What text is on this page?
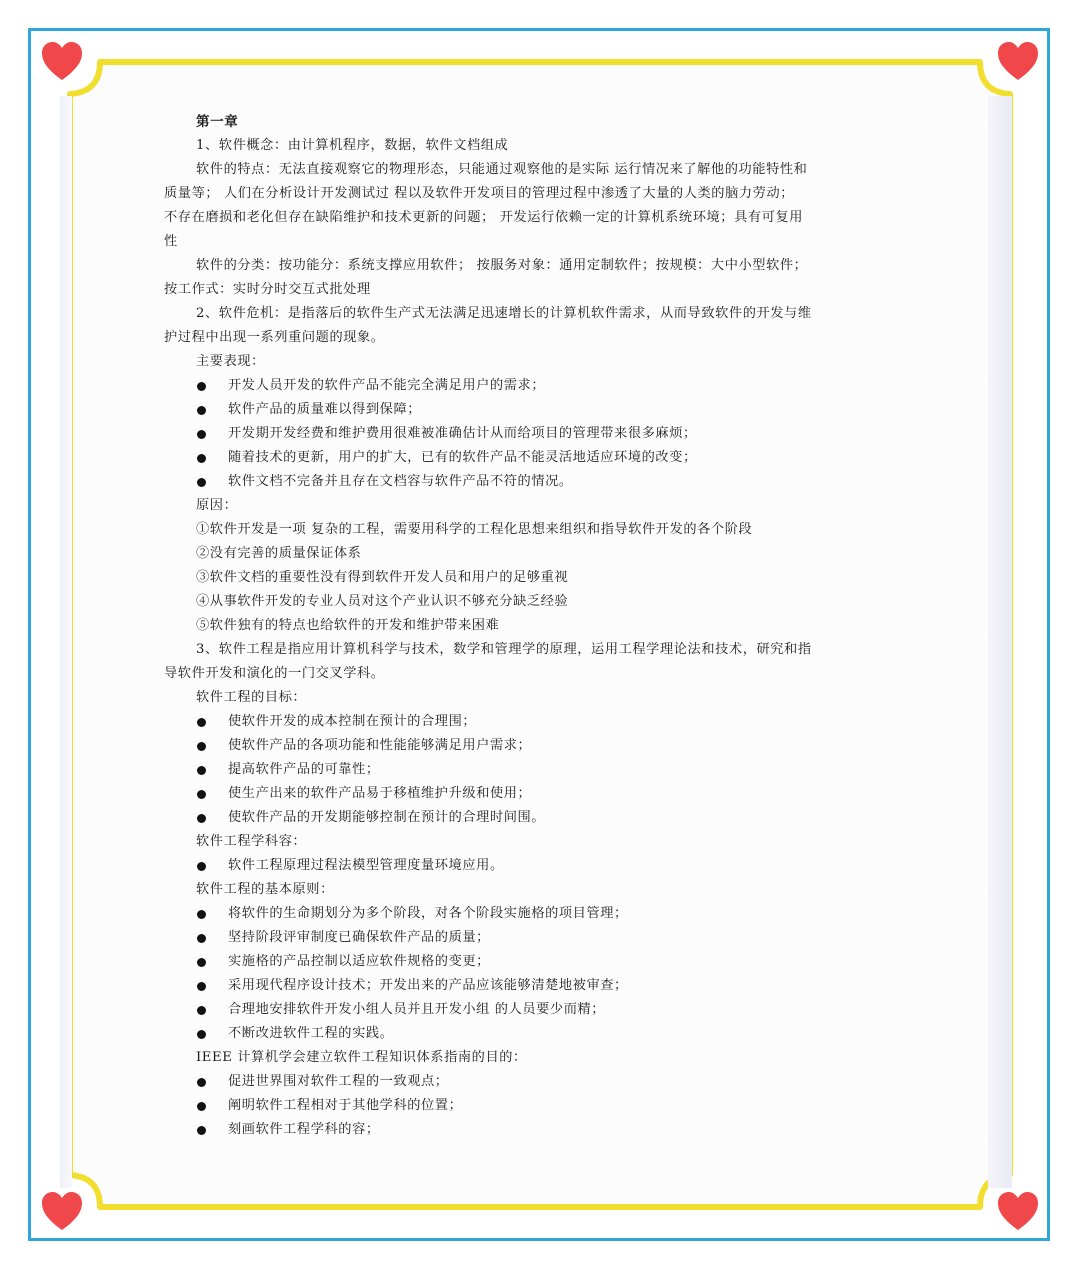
第一章
1、软件概念：由计算机程序，数据，软件文档组成
软件的特点：无法直接观察它的物理形态，只能通过观察他的是实际 运行情况来了解他的功能特性和
质量等； 人们在分析设计开发测试过 程以及软件开发项目的管理过程中渗透了大量的人类的脑力劳动；
不存在磨损和老化但存在缺陷维护和技术更新的问题； 开发运行依赖一定的计算机系统环境；具有可复用
性
软件的分类：按功能分：系统支撑应用软件； 按服务对象：通用定制软件；按规模：大中小型软件；
按工作式：实时分时交互式批处理
2、软件危机：是指落后的软件生产式无法满足迅速增长的计算机软件需求，从而导致软件的开发与维
护过程中出现一系列重问题的现象。
主要表现：
开发人员开发的软件产品不能完全满足用户的需求；
软件产品的质量难以得到保障；
开发期开发经费和维护费用很难被准确估计从而给项目的管理带来很多麻烦；
随着技术的更新，用户的扩大，已有的软件产品不能灵活地适应环境的改变；
软件文档不完备并且存在文档容与软件产品不符的情况。
原因：
①软件开发是一项 复杂的工程，需要用科学的工程化思想来组织和指导软件开发的各个阶段
②没有完善的质量保证体系
③软件文档的重要性没有得到软件开发人员和用户的足够重视
④从事软件开发的专业人员对这个产业认识不够充分缺乏经验
⑤软件独有的特点也给软件的开发和维护带来困难
3、软件工程是指应用计算机科学与技术，数学和管理学的原理，运用工程学理论法和技术，研究和指
导软件开发和演化的一门交叉学科。
软件工程的目标：
使软件开发的成本控制在预计的合理围；
使软件产品的各项功能和性能能够满足用户需求；
提高软件产品的可靠性；
使生产出来的软件产品易于移植维护升级和使用；
使软件产品的开发期能够控制在预计的合理时间围。
软件工程学科容：
软件工程原理过程法模型管理度量环境应用。
软件工程的基本原则：
将软件的生命期划分为多个阶段，对各个阶段实施格的项目管理；
坚持阶段评审制度已确保软件产品的质量；
实施格的产品控制以适应软件规格的变更；
采用现代程序设计技术；开发出来的产品应该能够清楚地被审查；
合理地安排软件开发小组人员并且开发小组 的人员要少而精；
不断改进软件工程的实践。
IEEE 计算机学会建立软件工程知识体系指南的目的：
促进世界围对软件工程的一致观点；
阐明软件工程相对于其他学科的位置；
刻画软件工程学科的容；
